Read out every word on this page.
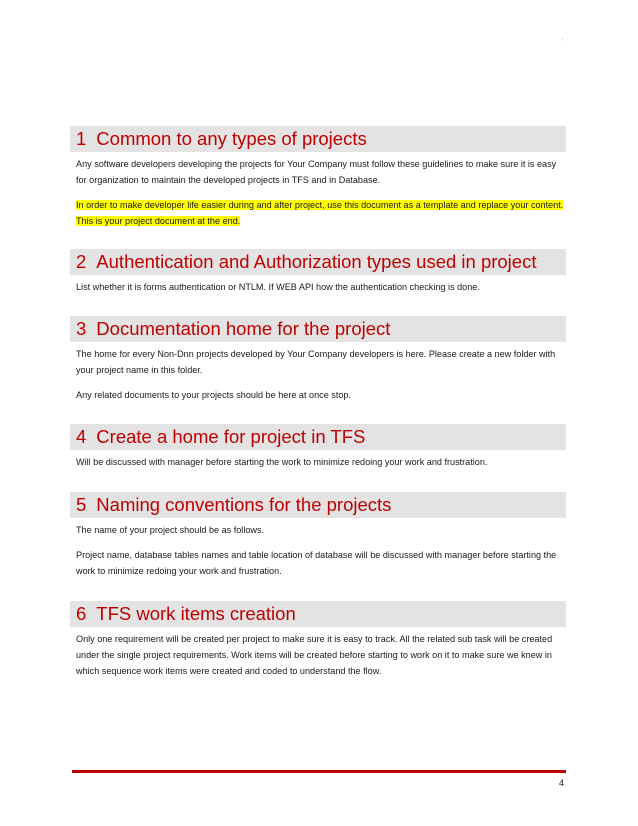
`
1 Common to any types of projects

Any software developers developing the projects for Your Company must follow these guidelines to make sure it is easy for organization to maintain the developed projects in TFS and in Database.

In order to make developer life easier during and after project, use this document as a template and replace your content. This is your project document at the end.

2 Authentication and Authorization types used in project

List whether it is forms authentication or NTLM. If WEB API how the authentication checking is done.

3 Documentation home for the project

The home for every Non-Dnn projects developed by Your Company developers is here. Please create a new folder with your project name in this folder.

Any related documents to your projects should be here at once stop.

4 Create a home for project in TFS

Will be discussed with manager before starting the work to minimize redoing your work and frustration.

5 Naming conventions for the projects

The name of your project should be as follows.

Project name, database tables names and table location of database will be discussed with manager before starting the work to minimize redoing your work and frustration.

6 TFS work items creation

Only one requirement will be created per project to make sure it is easy to track. All the related sub task will be created under the single project requirements. Work items will be created before starting to work on it to make sure we knew in which sequence work items were created and coded to understand the flow.

4
